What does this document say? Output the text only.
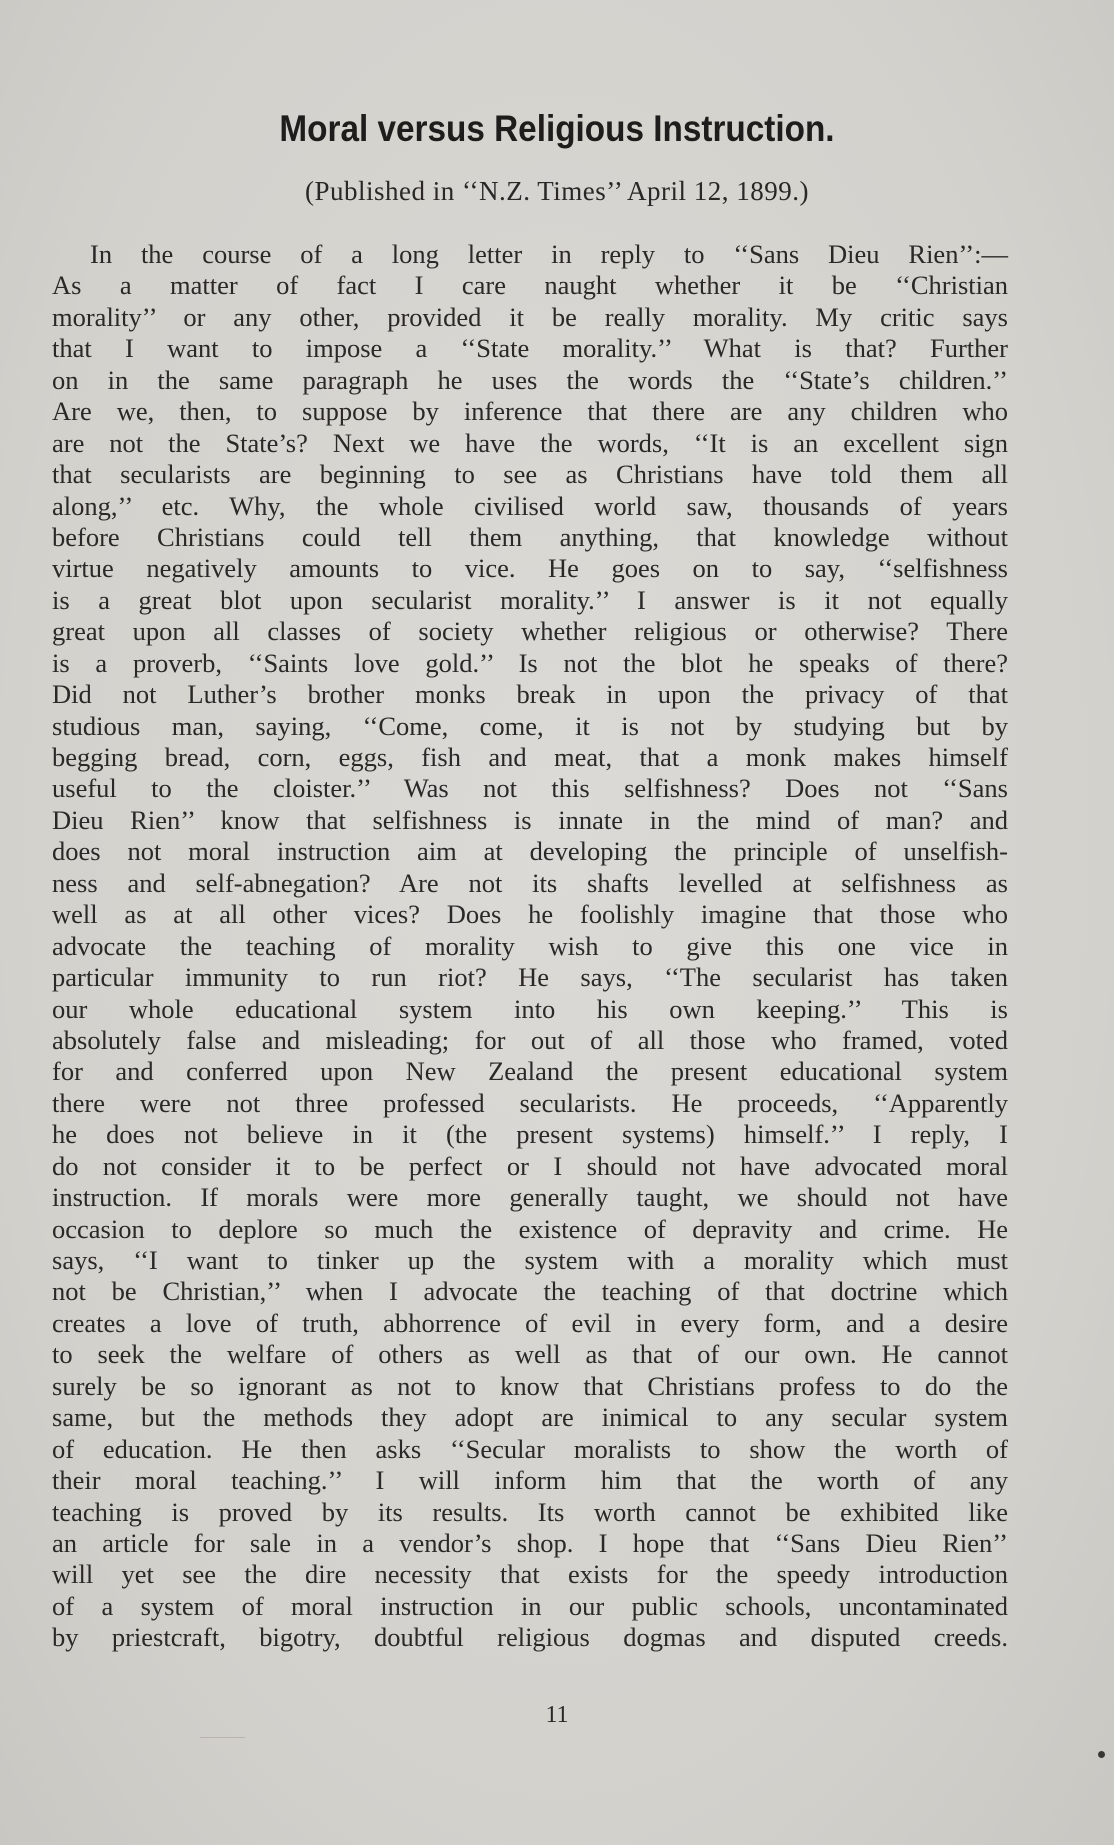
Moral versus Religious Instruction.
(Published in ‘‘N.Z. Times’’ April 12, 1899.)
In the course of a long letter in reply to ‘‘Sans Dieu Rien’’:—
As a matter of fact I care naught whether it be ‘‘Christian
morality’’ or any other, provided it be really morality. My critic says
that I want to impose a ‘‘State morality.’’ What is that? Further
on in the same paragraph he uses the words the ‘‘State’s children.’’
Are we, then, to suppose by inference that there are any children who
are not the State’s? Next we have the words, ‘‘It is an excellent sign
that secularists are beginning to see as Christians have told them all
along,’’ etc. Why, the whole civilised world saw, thousands of years
before Christians could tell them anything, that knowledge without
virtue negatively amounts to vice. He goes on to say, ‘‘selfishness
is a great blot upon secularist morality.’’ I answer is it not equally
great upon all classes of society whether religious or otherwise? There
is a proverb, ‘‘Saints love gold.’’ Is not the blot he speaks of there?
Did not Luther’s brother monks break in upon the privacy of that
studious man, saying, ‘‘Come, come, it is not by studying but by
begging bread, corn, eggs, fish and meat, that a monk makes himself
useful to the cloister.’’ Was not this selfishness? Does not ‘‘Sans
Dieu Rien’’ know that selfishness is innate in the mind of man? and
does not moral instruction aim at developing the principle of unselfish-
ness and self-abnegation? Are not its shafts levelled at selfishness as
well as at all other vices? Does he foolishly imagine that those who
advocate the teaching of morality wish to give this one vice in
particular immunity to run riot? He says, ‘‘The secularist has taken
our whole educational system into his own keeping.’’ This is
absolutely false and misleading; for out of all those who framed, voted
for and conferred upon New Zealand the present educational system
there were not three professed secularists. He proceeds, ‘‘Apparently
he does not believe in it (the present systems) himself.’’ I reply, I
do not consider it to be perfect or I should not have advocated moral
instruction. If morals were more generally taught, we should not have
occasion to deplore so much the existence of depravity and crime. He
says, ‘‘I want to tinker up the system with a morality which must
not be Christian,’’ when I advocate the teaching of that doctrine which
creates a love of truth, abhorrence of evil in every form, and a desire
to seek the welfare of others as well as that of our own. He cannot
surely be so ignorant as not to know that Christians profess to do the
same, but the methods they adopt are inimical to any secular system
of education. He then asks ‘‘Secular moralists to show the worth of
their moral teaching.’’ I will inform him that the worth of any
teaching is proved by its results. Its worth cannot be exhibited like
an article for sale in a vendor’s shop. I hope that ‘‘Sans Dieu Rien’’
will yet see the dire necessity that exists for the speedy introduction
of a system of moral instruction in our public schools, uncontaminated
by priestcraft, bigotry, doubtful religious dogmas and disputed creeds.
11
